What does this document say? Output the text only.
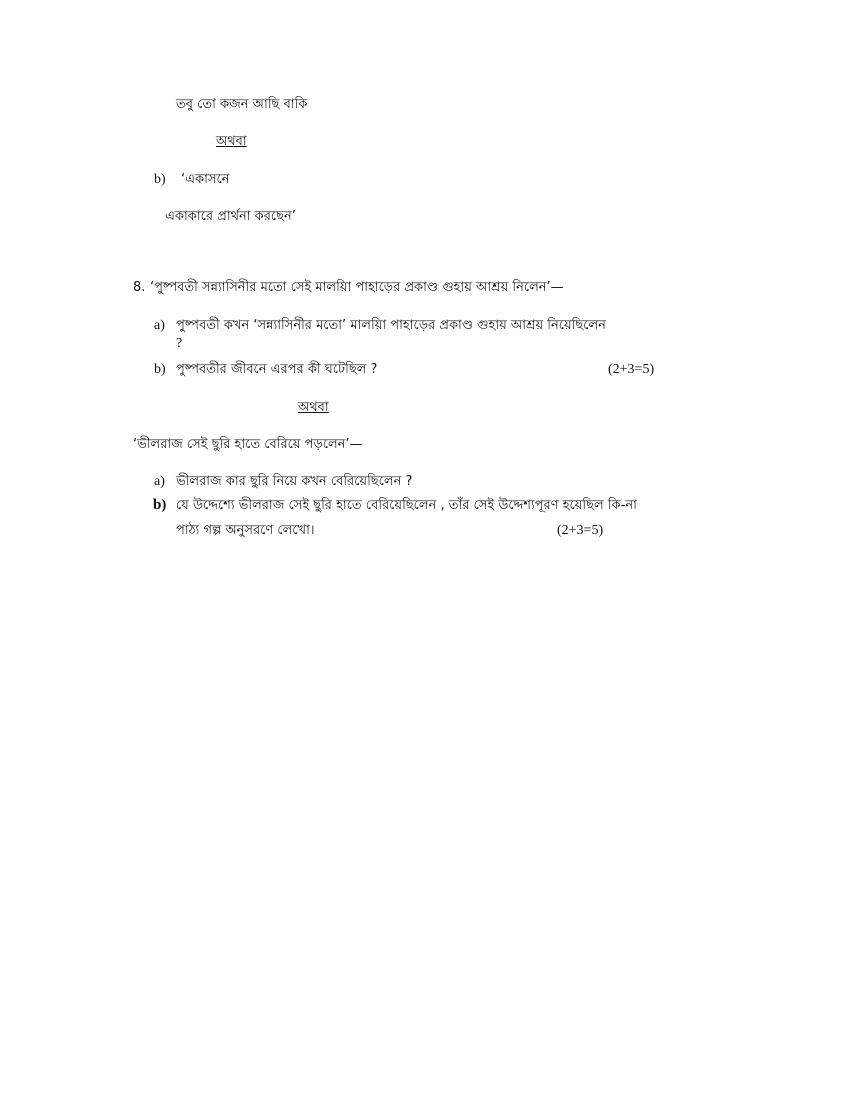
তবু তো কজন আছি বাকি
অথবা
b) ‘একাসনে
একাকারে প্রার্থনা করছেন’
8. ‘পুষ্পবতী সন্ন্যাসিনীর মতো সেই মালয়িা পাহাড়ের প্রকাণ্ড গুহায় আশ্রয় নিলেন’—
a) পুষ্পবতী কখন ‘সন্ন্যাসিনীর মতো’ মালয়িা পাহাড়ের প্রকাণ্ড গুহায় আশ্রয় নিয়েছিলেন
?
b) পুষ্পবতীর জীবনে এরপর কী ঘটেছিল ?	(2+3=5)
অথবা
‘ভীলরাজ সেই ছুরি হাতে বেরিয়ে পড়লেন’—
a) ভীলরাজ কার ছুরি নিয়ে কখন বেরিয়েছিলেন ?
b) যে উদ্দেশ্যে ভীলরাজ সেই ছুরি হাতে বেরিয়েছিলেন , তাঁর সেই উদ্দেশ্যপূরণ হয়েছিল কি-না
পাঠ্য গল্প অনুসরণে লেখো।	(2+3=5)
